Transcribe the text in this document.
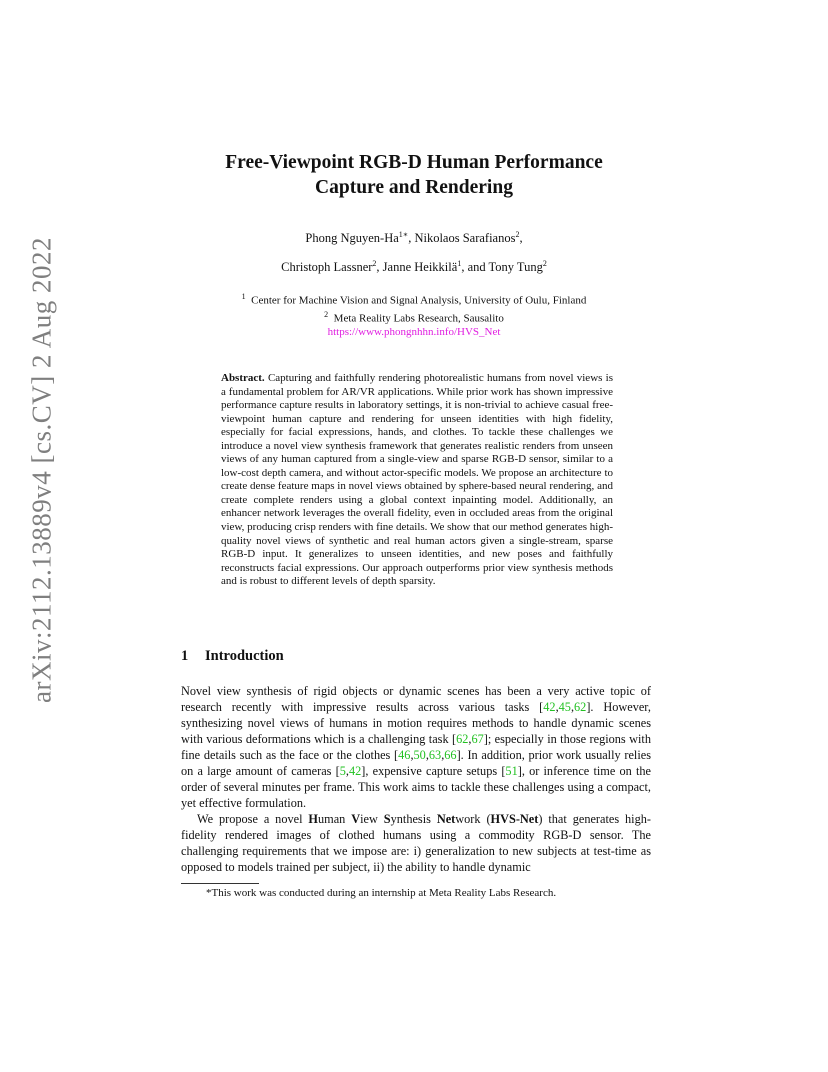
arXiv:2112.13889v4 [cs.CV] 2 Aug 2022
Free-Viewpoint RGB-D Human Performance
Capture and Rendering
Phong Nguyen-$Ha^{1∗}$, Nikolaos Sarafianos$^2$,
Christoph Lassner$^2$, Janne Heikkilä$^1$, and Tony Tung$^2$
$^1$ Center for Machine Vision and Signal Analysis, University of Oulu, Finland
$^2$ Meta Reality Labs Research, Sausalito
https://www.phongnhhn.info/HVS_Net
Abstract. Capturing and faithfully rendering photorealistic humans from novel views is a fundamental problem for AR/VR applications. While prior work has shown impressive performance capture results in laboratory settings, it is non-trivial to achieve casual free-viewpoint human capture and rendering for unseen identities with high fidelity, especially for facial expressions, hands, and clothes. To tackle these challenges we introduce a novel view synthesis framework that generates realistic renders from unseen views of any human captured from a single-view and sparse RGB-D sensor, similar to a low-cost depth camera, and without actor-specific models. We propose an architecture to create dense feature maps in novel views obtained by sphere-based neural rendering, and create complete renders using a global context inpainting model. Additionally, an enhancer network leverages the overall fidelity, even in occluded areas from the original view, producing crisp renders with fine details. We show that our method generates high-quality novel views of synthetic and real human actors given a single-stream, sparse RGB-D input. It generalizes to unseen identities, and new poses and faithfully reconstructs facial expressions. Our approach outperforms prior view synthesis methods and is robust to different levels of depth sparsity.
1 Introduction

Novel view synthesis of rigid objects or dynamic scenes has been a very active topic of research recently with impressive results across various tasks [42,45,62]. However, synthesizing novel views of humans in motion requires methods to handle dynamic scenes with various deformations which is a challenging task [62,67]; especially in those regions with fine details such as the face or the clothes [46,50,63,66]. In addition, prior work usually relies on a large amount of cameras [5,42], expensive capture setups [51], or inference time on the order of several minutes per frame. This work aims to tackle these challenges using a compact, yet effective formulation.

We propose a novel Human View Synthesis Network (HVS-Net) that generates high-fidelity rendered images of clothed humans using a commodity RGB-D sensor. The challenging requirements that we impose are: i) generalization to new subjects at test-time as opposed to models trained per subject, ii) the ability to handle dynamic

*This work was conducted during an internship at Meta Reality Labs Research.
